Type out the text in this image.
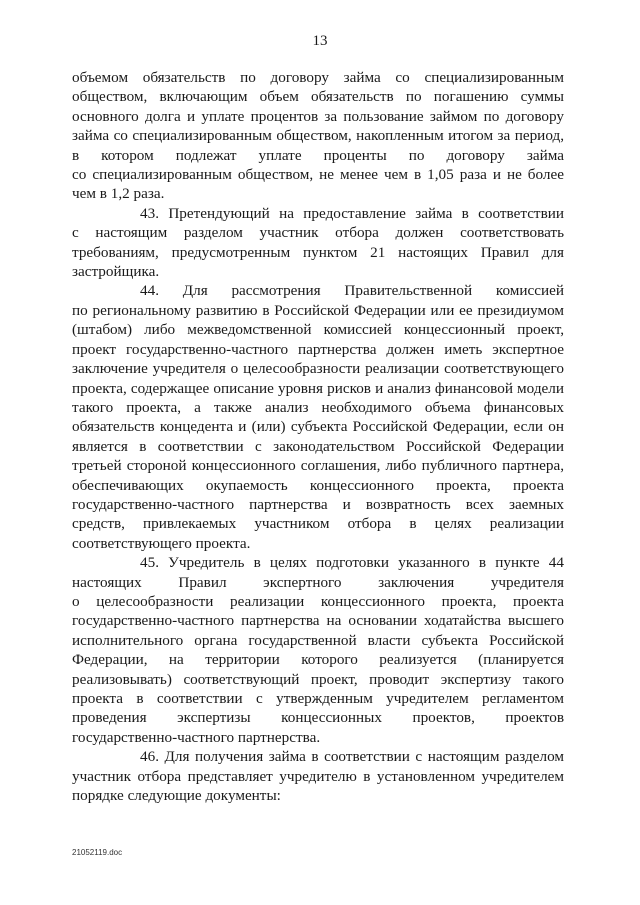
13

объемом обязательств по договору займа со специализированным
обществом, включающим объем обязательств по погашению суммы
основного долга и уплате процентов за пользование займом по договору
займа со специализированным обществом, накопленным итогом за период,
в котором подлежат уплате проценты по договору займа
со специализированным обществом, не менее чем в 1,05 раза и не более
чем в 1,2 раза.

43. Претендующий на предоставление займа в соответствии
с настоящим разделом участник отбора должен соответствовать
требованиям, предусмотренным пунктом 21 настоящих Правил для
застройщика.

44. Для рассмотрения Правительственной комиссией
по региональному развитию в Российской Федерации или ее президиумом
(штабом) либо межведомственной комиссией концессионный проект,
проект государственно-частного партнерства должен иметь экспертное
заключение учредителя о целесообразности реализации соответствующего
проекта, содержащее описание уровня рисков и анализ финансовой модели
такого проекта, а также анализ необходимого объема финансовых
обязательств концедента и (или) субъекта Российской Федерации, если он
является в соответствии с законодательством Российской Федерации
третьей стороной концессионного соглашения, либо публичного партнера,
обеспечивающих окупаемость концессионного проекта, проекта
государственно-частного партнерства и возвратность всех заемных
средств, привлекаемых участником отбора в целях реализации
соответствующего проекта.

45. Учредитель в целях подготовки указанного в пункте 44
настоящих Правил экспертного заключения учредителя
о целесообразности реализации концессионного проекта, проекта
государственно-частного партнерства на основании ходатайства высшего
исполнительного органа государственной власти субъекта Российской
Федерации, на территории которого реализуется (планируется
реализовывать) соответствующий проект, проводит экспертизу такого
проекта в соответствии с утвержденным учредителем регламентом
проведения экспертизы концессионных проектов, проектов
государственно-частного партнерства.

46. Для получения займа в соответствии с настоящим разделом
участник отбора представляет учредителю в установленном учредителем
порядке следующие документы:

21052119.doc
